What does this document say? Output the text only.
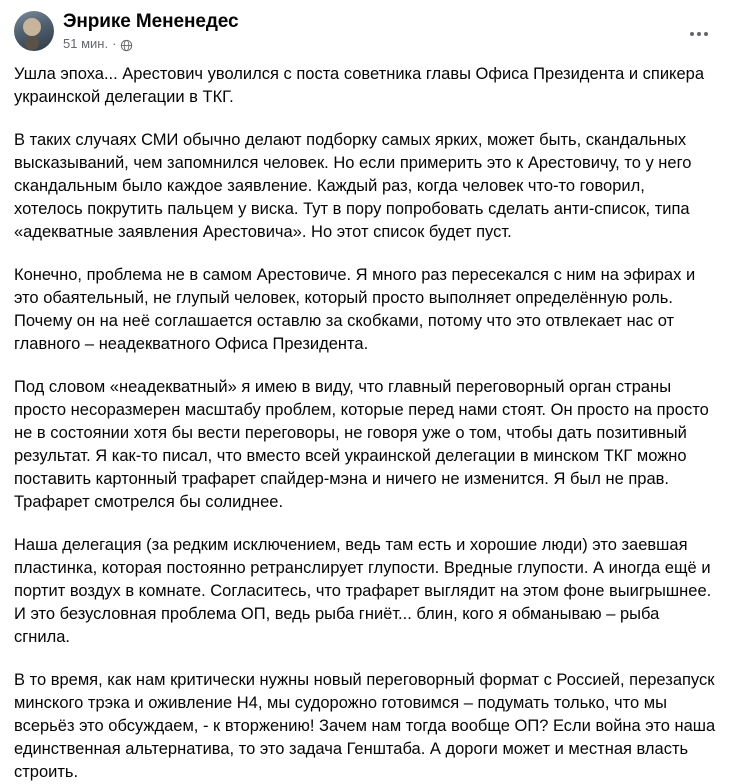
Энрике Мененедес
51 мин. ·

Ушла эпоха... Арестович уволился с поста советника главы Офиса Президента и спикера украинской делегации в ТКГ.

В таких случаях СМИ обычно делают подборку самых ярких, может быть, скандальных высказываний, чем запомнился человек. Но если примерить это к Арестовичу, то у него скандальным было каждое заявление. Каждый раз, когда человек что-то говорил, хотелось покрутить пальцем у виска. Тут в пору попробовать сделать анти-список, типа «адекватные заявления Арестовича». Но этот список будет пуст.

Конечно, проблема не в самом Арестовиче. Я много раз пересекался с ним на эфирах и это обаятельный, не глупый человек, который просто выполняет определённую роль. Почему он на неё соглашается оставлю за скобками, потому что это отвлекает нас от главного – неадекватного Офиса Президента.

Под словом «неадекватный» я имею в виду, что главный переговорный орган страны просто несоразмерен масштабу проблем, которые перед нами стоят. Он просто на просто не в состоянии хотя бы вести переговоры, не говоря уже о том, чтобы дать позитивный результат. Я как-то писал, что вместо всей украинской делегации в минском ТКГ можно поставить картонный трафарет спайдер-мэна и ничего не изменится. Я был не прав. Трафарет смотрелся бы солиднее.

Наша делегация (за редким исключением, ведь там есть и хорошие люди) это заевшая пластинка, которая постоянно ретранслирует глупости. Вредные глупости. А иногда ещё и портит воздух в комнате. Согласитесь, что трафарет выглядит на этом фоне выигрышнее. И это безусловная проблема ОП, ведь рыба гниёт... блин, кого я обманываю – рыба сгнила.

В то время, как нам критически нужны новый переговорный формат с Россией, перезапуск минского трэка и оживление Н4, мы судорожно готовимся – подумать только, что мы всерьёз это обсуждаем, - к вторжению! Зачем нам тогда вообще ОП? Если война это наша единственная альтернатива, то это задача Генштаба. А дороги может и местная власть строить.
